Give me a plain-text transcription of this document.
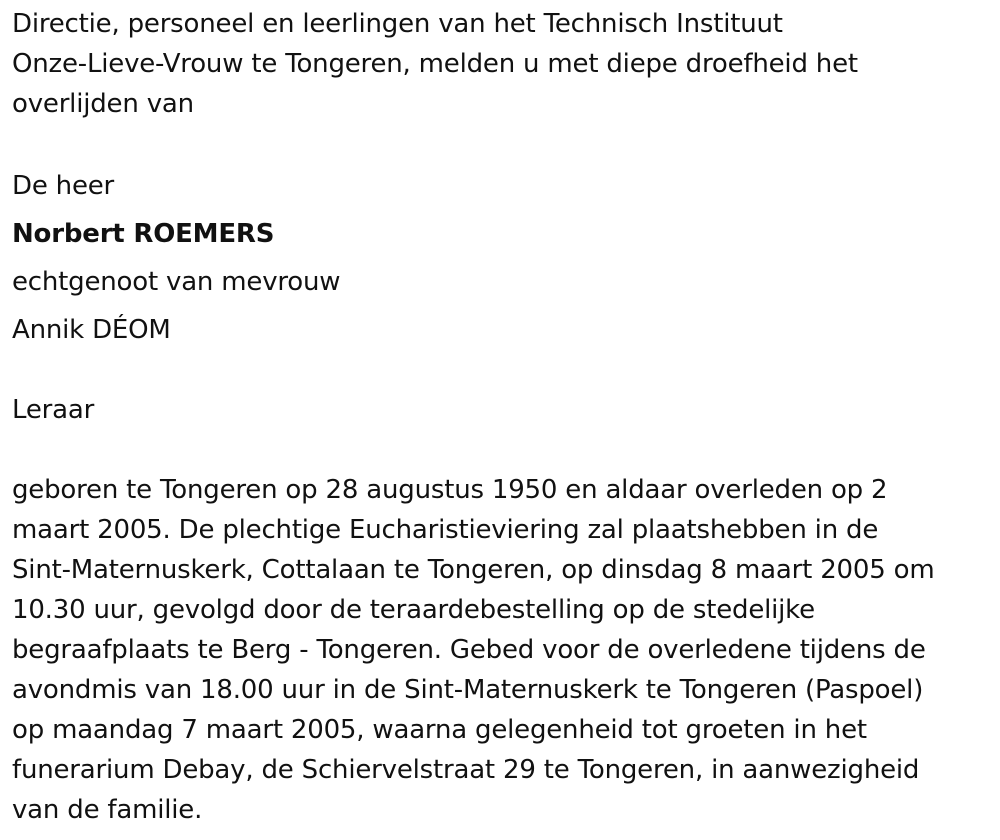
Directie, personeel en leerlingen van het Technisch Instituut
Onze-Lieve-Vrouw te Tongeren, melden u met diepe droefheid het
overlijden van

De heer

Norbert ROEMERS

echtgenoot van mevrouw

Annik DÉOM

Leraar

geboren te Tongeren op 28 augustus 1950 en aldaar overleden op 2
maart 2005. De plechtige Eucharistieviering zal plaatshebben in de
Sint-Maternuskerk, Cottalaan te Tongeren, op dinsdag 8 maart 2005 om
10.30 uur, gevolgd door de teraardebestelling op de stedelijke
begraafplaats te Berg - Tongeren. Gebed voor de overledene tijdens de
avondmis van 18.00 uur in de Sint-Maternuskerk te Tongeren (Paspoel)
op maandag 7 maart 2005, waarna gelegenheid tot groeten in het
funerarium Debay, de Schiervelstraat 29 te Tongeren, in aanwezigheid
van de familie.
